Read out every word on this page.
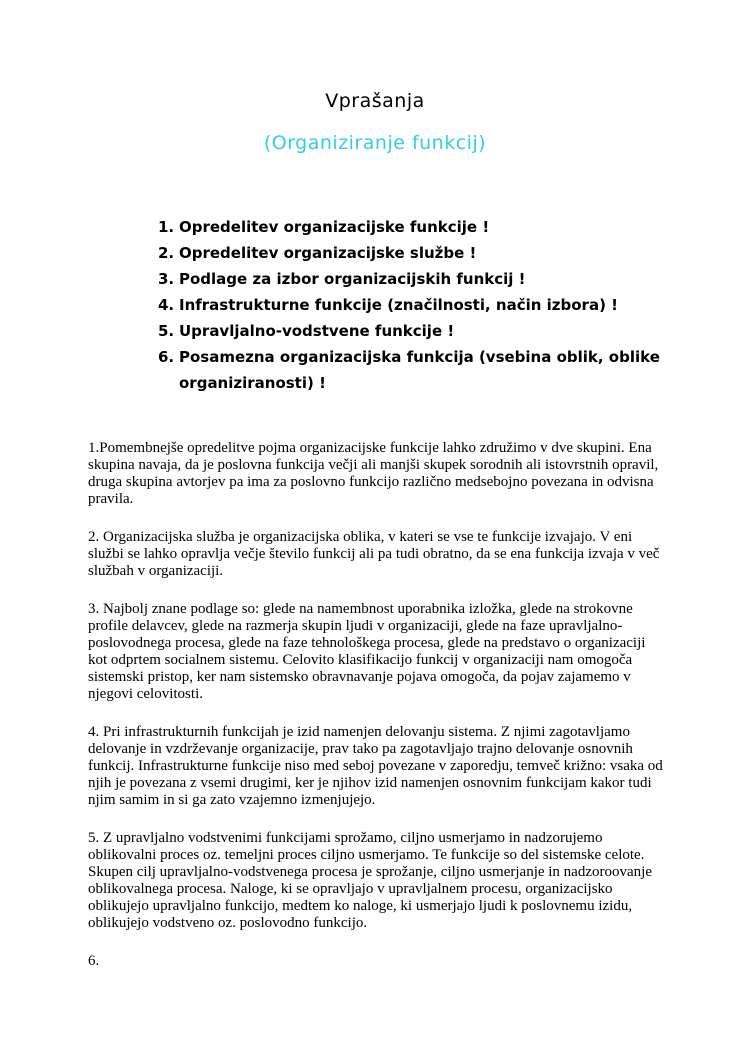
Vprašanja
(Organiziranje funkcij)
1. Opredelitev organizacijske funkcije !
2. Opredelitev organizacijske službe !
3. Podlage za izbor organizacijskih funkcij !
4. Infrastrukturne funkcije (značilnosti, način izbora) !
5. Upravljalno-vodstvene funkcije !
6. Posamezna organizacijska funkcija (vsebina oblik, oblike organiziranosti) !

1.Pomembnejše opredelitve pojma organizacijske funkcije lahko združimo v dve skupini. Ena skupina navaja, da je poslovna funkcija večji ali manjši skupek sorodnih ali istovrstnih opravil, druga skupina avtorjev pa ima za poslovno funkcijo različno medsebojno povezana in odvisna pravila.

2. Organizacijska služba je organizacijska oblika, v kateri se vse te funkcije izvajajo. V eni službi se lahko opravlja večje število funkcij ali pa tudi obratno, da se ena funkcija izvaja v več službah v organizaciji.

3. Najbolj znane podlage so: glede na namembnost uporabnika izložka, glede na strokovne profile delavcev, glede na razmerja skupin ljudi v organizaciji, glede na faze upravljalno-poslovodnega procesa, glede na faze tehnološkega procesa, glede na predstavo o organizaciji kot odprtem socialnem sistemu. Celovito klasifikacijo funkcij v organizaciji nam omogoča sistemski pristop, ker nam sistemsko obravnavanje pojava omogoča, da pojav zajamemo v njegovi celovitosti.

4. Pri infrastrukturnih funkcijah je izid namenjen delovanju sistema. Z njimi zagotavljamo delovanje in vzdrževanje organizacije, prav tako pa zagotavljajo trajno delovanje osnovnih funkcij. Infrastrukturne funkcije niso med seboj povezane v zaporedju, temveč križno: vsaka od njih je povezana z vsemi drugimi, ker je njihov izid namenjen osnovnim funkcijam kakor tudi njim samim in si ga zato vzajemno izmenjujejo.

5. Z upravljalno vodstvenimi funkcijami sprožamo, ciljno usmerjamo in nadzorujemo oblikovalni proces oz. temeljni proces ciljno usmerjamo. Te funkcije so del sistemske celote. Skupen cilj upravljalno-vodstvenega procesa je sprožanje, ciljno usmerjanje in nadzoroovanje oblikovalnega procesa. Naloge, ki se opravljajo v upravljalnem procesu, organizacijsko oblikujejo upravljalno funkcijo, medtem ko naloge, ki usmerjajo ljudi k poslovnemu izidu, oblikujejo vodstveno oz. poslovodno funkcijo.

6.
